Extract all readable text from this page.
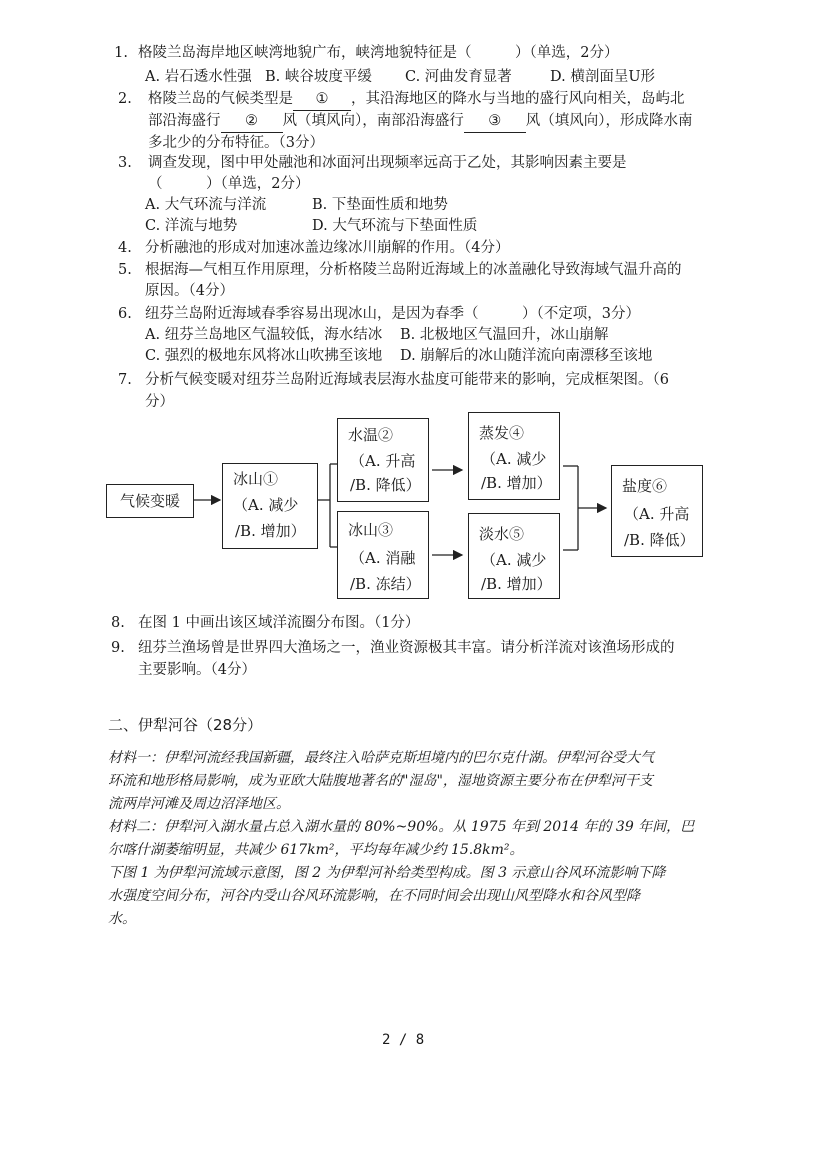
1. 格陵兰岛海岸地区峡湾地貌广布，峡湾地貌特征是（　　　）（单选，2分）
A. 岩石透水性强 B. 峡谷坡度平缓 C. 河曲发育显著	D. 横剖面呈U形
2. 格陵兰岛的气候类型是 ① ，其沿海地区的降水与当地的盛行风向相关，岛屿北
部沿海盛行 ② 风（填风向），南部沿海盛行 ③ 风（填风向），形成降水南
多北少的分布特征。（3分）
3. 调查发现，图中甲处融池和冰面河出现频率远高于乙处，其影响因素主要是
（　　　）（单选，2分）
A. 大气环流与洋流	B. 下垫面性质和地势
C. 洋流与地势	D. 大气环流与下垫面性质
4. 分析融池的形成对加速冰盖边缘冰川崩解的作用。（4分）
5. 根据海—气相互作用原理，分析格陵兰岛附近海域上的冰盖融化导致海域气温升高的
原因。（4分）
6. 纽芬兰岛附近海域春季容易出现冰山，是因为春季（　　　）（不定项，3分）
A. 纽芬兰岛地区气温较低，海水结冰 B. 北极地区气温回升，冰山崩解
C. 强烈的极地东风将冰山吹拂至该地 D. 崩解后的冰山随洋流向南漂移至该地
7. 分析气候变暖对纽芬兰岛附近海域表层海水盐度可能带来的影响，完成框架图。（6
分）
气候变暖
冰山①
（A. 减少
/B. 增加）
水温②
（A. 升高
/B. 降低）
冰山③
（A. 消融
/B. 冻结）
蒸发④
（A. 减少
/B. 增加）
淡水⑤
（A. 减少
/B. 增加）
盐度⑥
（A. 升高
/B. 降低）
8. 在图 1 中画出该区域洋流圈分布图。（1分）
9. 纽芬兰渔场曾是世界四大渔场之一，渔业资源极其丰富。请分析洋流对该渔场形成的
主要影响。（4分）
二、伊犁河谷（28分）
材料一：伊犁河流经我国新疆，最终注入哈萨克斯坦境内的巴尔克什湖。伊犁河谷受大气
环流和地形格局影响，成为亚欧大陆腹地著名的"湿岛"，湿地资源主要分布在伊犁河干支
流两岸河滩及周边沼泽地区。
材料二：伊犁河入湖水量占总入湖水量的 80%~90%。从 1975 年到 2014 年的 39 年间，巴
尔喀什湖萎缩明显，共减少 617km²，平均每年减少约 15.8km²。
下图 1 为伊犁河流域示意图，图 2 为伊犁河补给类型构成。图 3 示意山谷风环流影响下降
水强度空间分布，河谷内受山谷风环流影响，在不同时间会出现山风型降水和谷风型降
水。
2 / 8
